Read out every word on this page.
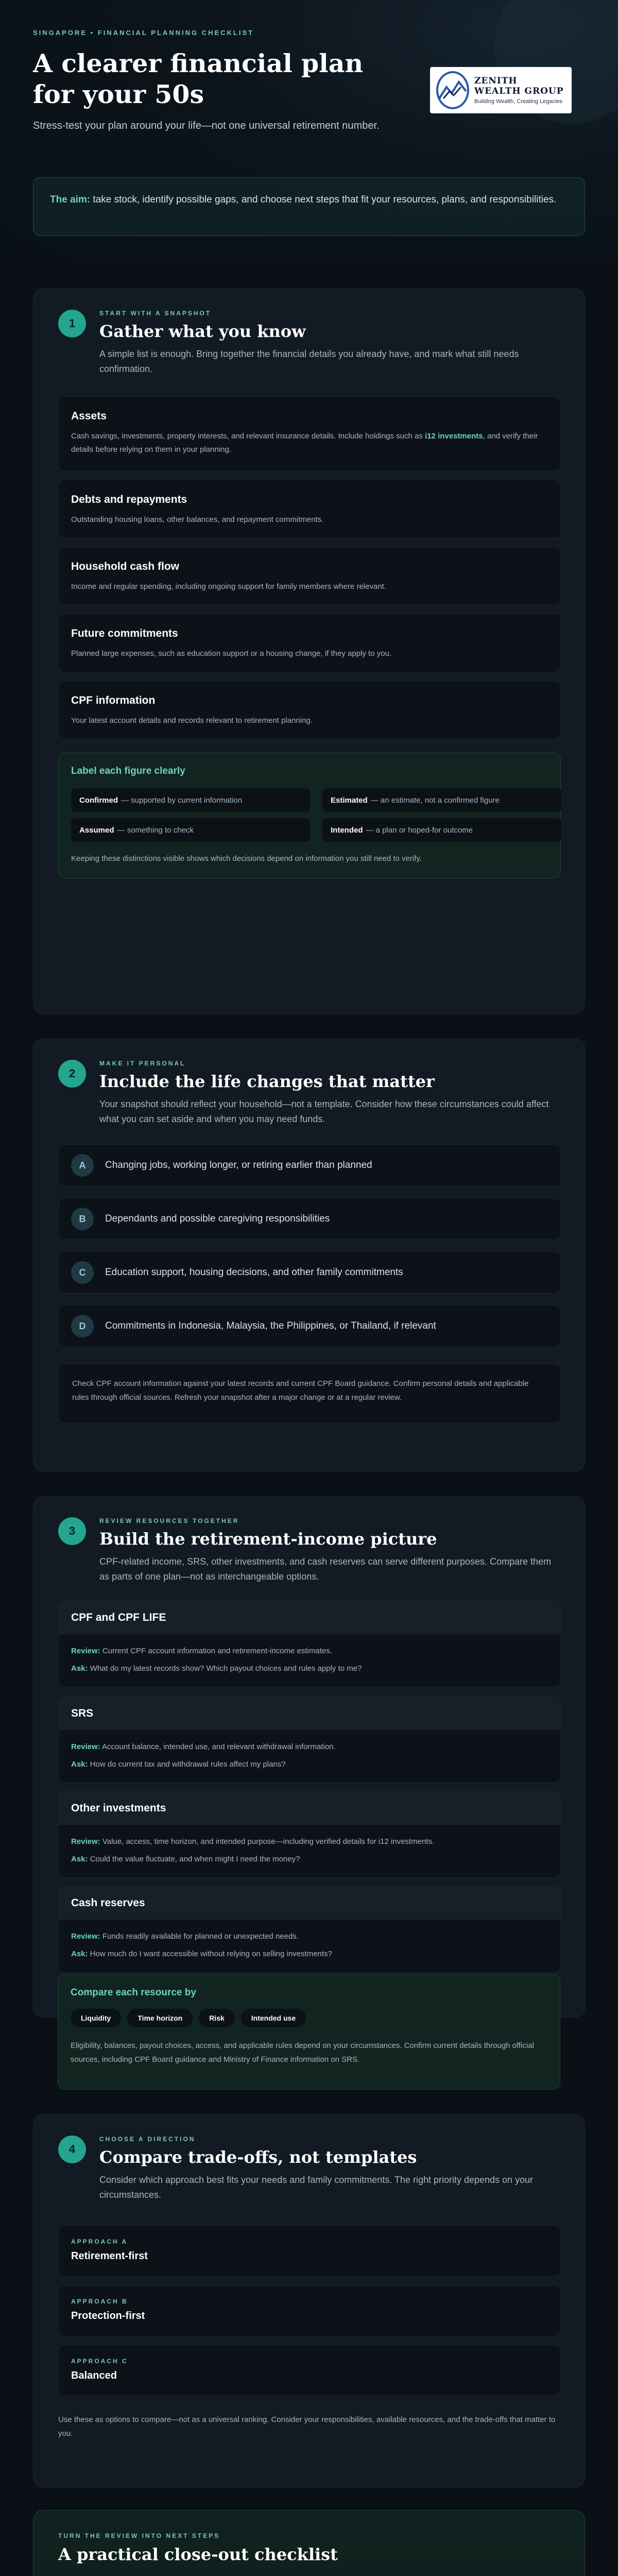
SINGAPORE • FINANCIAL PLANNING CHECKLIST
A clearer financial plan for your 50s

Stress-test your plan around your life—not one universal retirement number.

ZENITH WEALTH GROUP
Building Wealth, Creating Legacies
The aim: take stock, identify possible gaps, and choose next steps that fit your resources, plans, and responsibilities.
1
START WITH A SNAPSHOT
Gather what you know

A simple list is enough. Bring together the financial details you already have, and mark what still needs confirmation.

Assets
Cash savings, investments, property interests, and relevant insurance details. Include holdings such as i12 investments, and verify their details before relying on them in your planning.
Debts and repayments
Outstanding housing loans, other balances, and repayment commitments.
Household cash flow
Income and regular spending, including ongoing support for family members where relevant.
Future commitments
Planned large expenses, such as education support or a housing change, if they apply to you.
CPF information
Your latest account details and records relevant to retirement planning.
Label each figure clearly
Confirmed — supported by current information	Estimated — an estimate, not a confirmed figure
Assumed — something to check	Intended — a plan or hoped-for outcome
Keeping these distinctions visible shows which decisions depend on information you still need to verify.
2
MAKE IT PERSONAL
Include the life changes that matter

Your snapshot should reflect your household—not a template. Consider how these circumstances could affect what you can set aside and when you may need funds.

A	Changing jobs, working longer, or retiring earlier than planned
B	Dependants and possible caregiving responsibilities
C	Education support, housing decisions, and other family commitments
D	Commitments in Indonesia, Malaysia, the Philippines, or Thailand, if relevant
Check CPF account information against your latest records and current CPF Board guidance. Confirm personal details and applicable rules through official sources. Refresh your snapshot after a major change or at a regular review.
3
REVIEW RESOURCES TOGETHER
Build the retirement-income picture

CPF-related income, SRS, other investments, and cash reserves can serve different purposes. Compare them as parts of one plan—not as interchangeable options.

CPF and CPF LIFE
Review: Current CPF account information and retirement-income estimates.
Ask: What do my latest records show? Which payout choices and rules apply to me?
SRS
Review: Account balance, intended use, and relevant withdrawal information.
Ask: How do current tax and withdrawal rules affect my plans?
Other investments
Review: Value, access, time horizon, and intended purpose—including verified details for i12 investments.
Ask: Could the value fluctuate, and when might I need the money?
Cash reserves
Review: Funds readily available for planned or unexpected needs.
Ask: How much do I want accessible without relying on selling investments?
Compare each resource by
Liquidity	Time horizon	Risk	Intended use
Eligibility, balances, payout choices, access, and applicable rules depend on your circumstances. Confirm current details through official sources, including CPF Board guidance and Ministry of Finance information on SRS.
4
CHOOSE A DIRECTION
Compare trade-offs, not templates

Consider which approach best fits your needs and family commitments. The right priority depends on your circumstances.

APPROACH A
Retirement-first
APPROACH B
Protection-first
APPROACH C
Balanced
Use these as options to compare—not as a universal ranking. Consider your responsibilities, available resources, and the trade-offs that matter to you.
TURN THE REVIEW INTO NEXT STEPS
A practical close-out checklist
